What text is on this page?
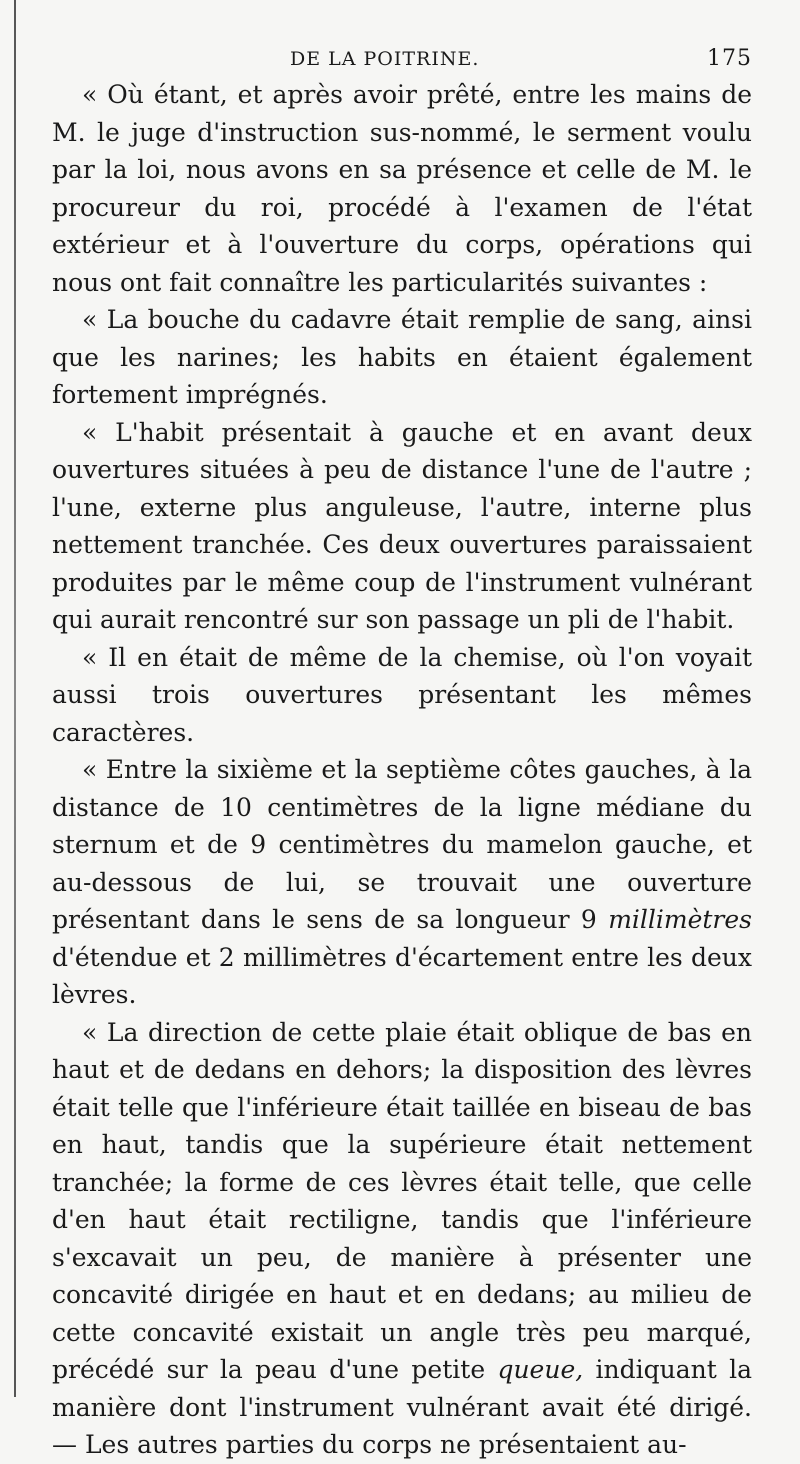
DE LA POITRINE.	175

« Où étant, et après avoir prêté, entre les mains de M. le juge d'instruction sus-nommé, le serment voulu par la loi, nous avons en sa présence et celle de M. le procureur du roi, procédé à l'examen de l'état extérieur et à l'ouverture du corps, opérations qui nous ont fait connaître les particularités suivantes :

« La bouche du cadavre était remplie de sang, ainsi que les narines; les habits en étaient également fortement imprégnés.

« L'habit présentait à gauche et en avant deux ouvertures situées à peu de distance l'une de l'autre ; l'une, externe plus anguleuse, l'autre, interne plus nettement tranchée. Ces deux ouvertures paraissaient produites par le même coup de l'instrument vulnérant qui aurait rencontré sur son passage un pli de l'habit.

« Il en était de même de la chemise, où l'on voyait aussi trois ouvertures présentant les mêmes caractères.

« Entre la sixième et la septième côtes gauches, à la distance de 10 centimètres de la ligne médiane du sternum et de 9 centimètres du mamelon gauche, et au-dessous de lui, se trouvait une ouverture présentant dans le sens de sa longueur 9 millimètres d'étendue et 2 millimètres d'écartement entre les deux lèvres.

« La direction de cette plaie était oblique de bas en haut et de dedans en dehors; la disposition des lèvres était telle que l'inférieure était taillée en biseau de bas en haut, tandis que la supérieure était nettement tranchée; la forme de ces lèvres était telle, que celle d'en haut était rectiligne, tandis que l'inférieure s'excavait un peu, de manière à présenter une concavité dirigée en haut et en dedans; au milieu de cette concavité existait un angle très peu marqué, précédé sur la peau d'une petite queue, indiquant la manière dont l'instrument vulnérant avait été dirigé. — Les autres parties du corps ne présentaient au-
